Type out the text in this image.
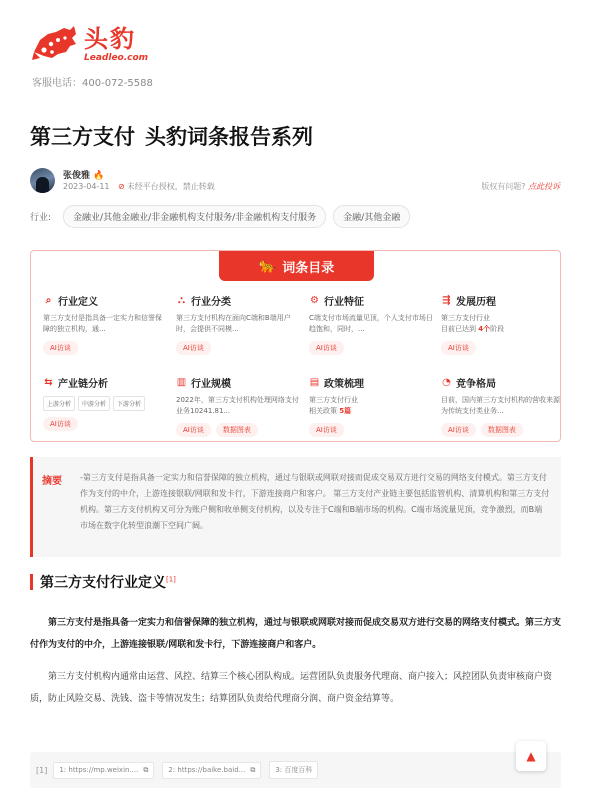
头豹
Leadleo.com
客服电话：400-072-5588
第三方支付 头豹词条报告系列
张俊雅 🔥
2023-04-11 ⊘ 未经平台授权，禁止转载	版权有问题? 点此投诉
行业:	金融业/其他金融业/非金融机构支付服务/非金融机构支付服务	金融/其他金融
🐆 词条目录
⌕ 行业定义
第三方支付是指具备一定实力和信誉保障的独立机构，通...
AI访谈
⛬ 行业分类
第三方支付机构在面向C端和B端用户时，会提供不同模...
AI访谈
⚙ 行业特征
C端支付市场流量见顶，个人支付市场日趋饱和，同时，...
AI访谈
⇶ 发展历程
第三方支付行业
目前已达到 4个阶段
AI访谈
⇆ 产业链分析
上游分析	中游分析	下游分析
AI访谈
▥ 行业规模
2022年，第三方支付机构处理网络支付业务10241.81...
AI访谈	数据图表
▤ 政策梳理
第三方支付行业
相关政策 5篇
AI访谈
◔ 竞争格局
目前，国内第三方支付机构的营收来源为传统支付类业务...
AI访谈	数据图表
摘要 -第三方支付是指具备一定实力和信誉保障的独立机构，通过与银联或网联对接而促成交易双方进行交易的网络支付模式。第三方支付作为支付的中介，上游连接银联/网联和发卡行，下游连接商户和客户。 第三方支付产业链主要包括监管机构、清算机构和第三方支付机构。第三方支付机构又可分为账户侧和收单侧支付机构，以及专注于C端和B端市场的机构。C端市场流量见顶，竞争激烈，而B端市场在数字化转型浪潮下空间广阔。
第三方支付行业定义[1]
第三方支付是指具备一定实力和信誉保障的独立机构，通过与银联或网联对接而促成交易双方进行交易的网络支付模式。第三方支付作为支付的中介，上游连接银联/网联和发卡行，下游连接商户和客户。
第三方支付机构内通常由运营、风控、结算三个核心团队构成。运营团队负责服务代理商、商户接入；风控团队负责审核商户资质，防止风险交易、洗钱、盗卡等情况发生；结算团队负责给代理商分润、商户资金结算等。
[1] 1: https://mp.weixin.... ⧉	2: https://baike.baid... ⧉	3: 百度百科
▲
